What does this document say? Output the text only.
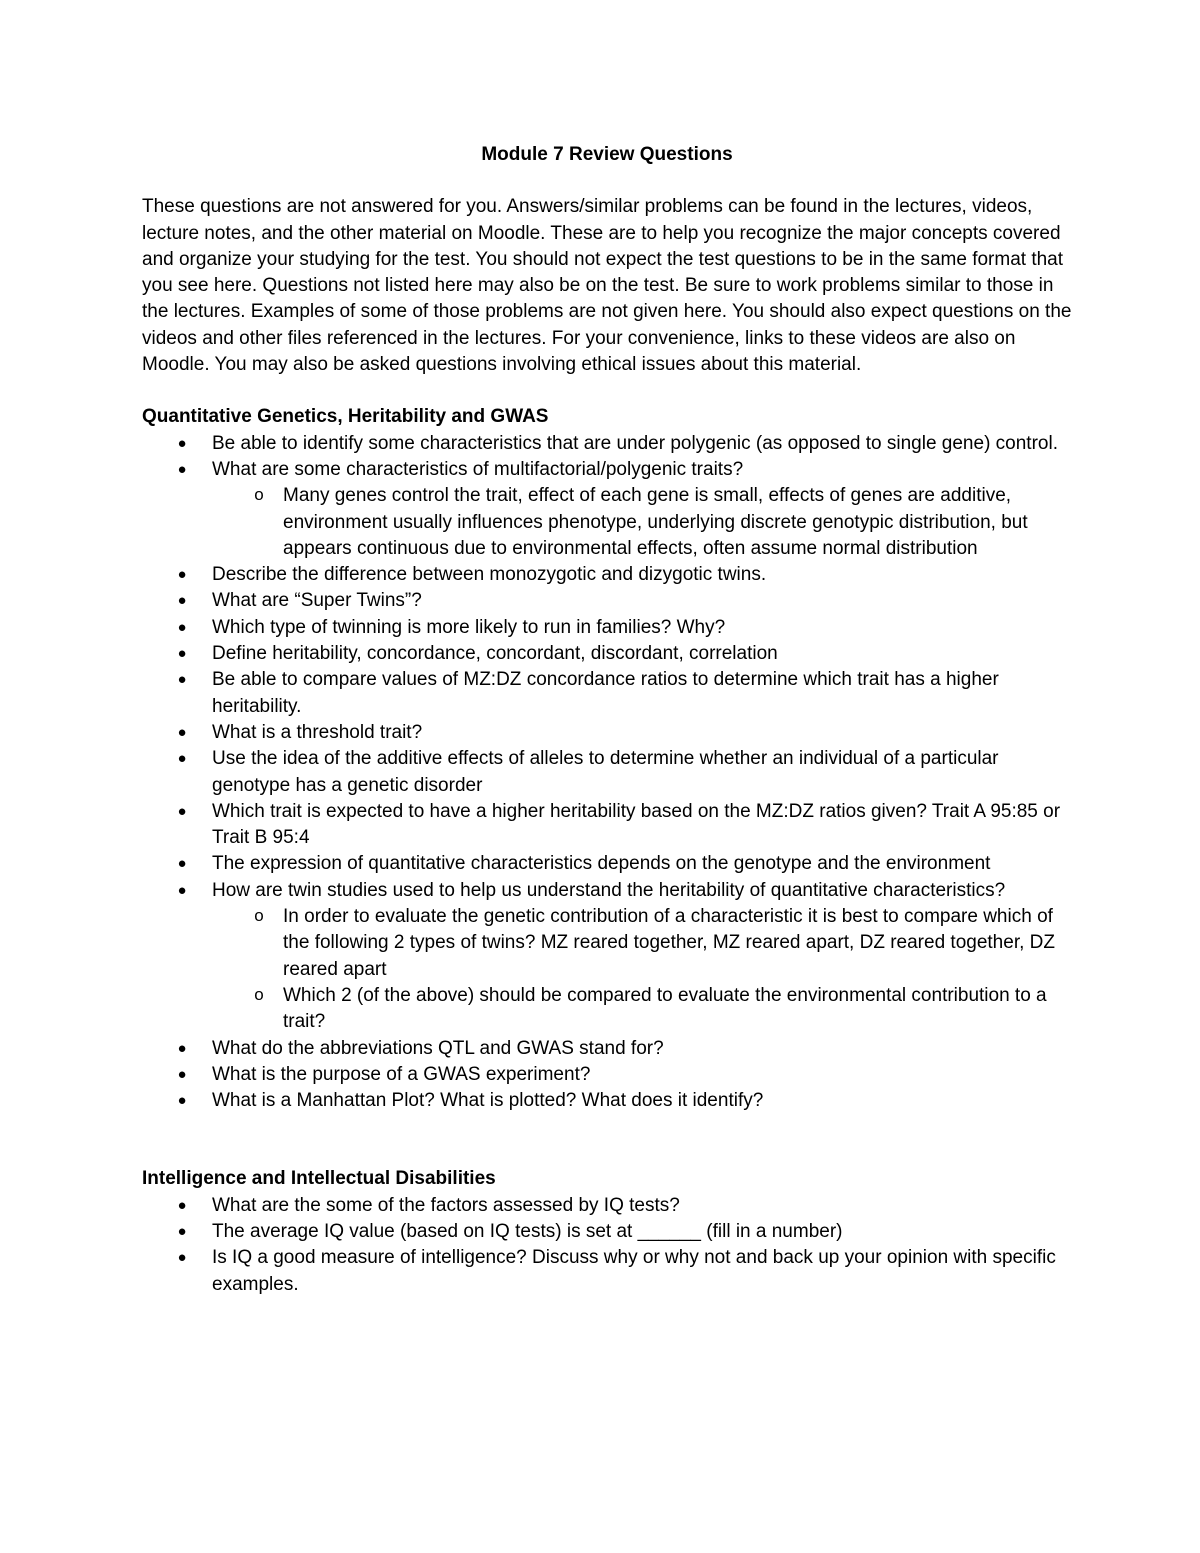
Module 7 Review Questions

These questions are not answered for you. Answers/similar problems can be found in the lectures, videos, lecture notes, and the other material on Moodle. These are to help you recognize the major concepts covered and organize your studying for the test. You should not expect the test questions to be in the same format that you see here. Questions not listed here may also be on the test. Be sure to work problems similar to those in the lectures. Examples of some of those problems are not given here. You should also expect questions on the videos and other files referenced in the lectures. For your convenience, links to these videos are also on Moodle. You may also be asked questions involving ethical issues about this material.

Quantitative Genetics, Heritability and GWAS
● Be able to identify some characteristics that are under polygenic (as opposed to single gene) control.
● What are some characteristics of multifactorial/polygenic traits?
o Many genes control the trait, effect of each gene is small, effects of genes are additive, environment usually influences phenotype, underlying discrete genotypic distribution, but appears continuous due to environmental effects, often assume normal distribution
● Describe the difference between monozygotic and dizygotic twins.
● What are “Super Twins”?
● Which type of twinning is more likely to run in families? Why?
● Define heritability, concordance, concordant, discordant, correlation
● Be able to compare values of MZ:DZ concordance ratios to determine which trait has a higher heritability.
● What is a threshold trait?
● Use the idea of the additive effects of alleles to determine whether an individual of a particular genotype has a genetic disorder
● Which trait is expected to have a higher heritability based on the MZ:DZ ratios given? Trait A 95:85 or Trait B 95:4
● The expression of quantitative characteristics depends on the genotype and the environment
● How are twin studies used to help us understand the heritability of quantitative characteristics?
o In order to evaluate the genetic contribution of a characteristic it is best to compare which of the following 2 types of twins? MZ reared together, MZ reared apart, DZ reared together, DZ reared apart
o Which 2 (of the above) should be compared to evaluate the environmental contribution to a trait?
● What do the abbreviations QTL and GWAS stand for?
● What is the purpose of a GWAS experiment?
● What is a Manhattan Plot? What is plotted? What does it identify?
Intelligence and Intellectual Disabilities
● What are the some of the factors assessed by IQ tests?
● The average IQ value (based on IQ tests) is set at ______ (fill in a number)
● Is IQ a good measure of intelligence? Discuss why or why not and back up your opinion with specific examples.
